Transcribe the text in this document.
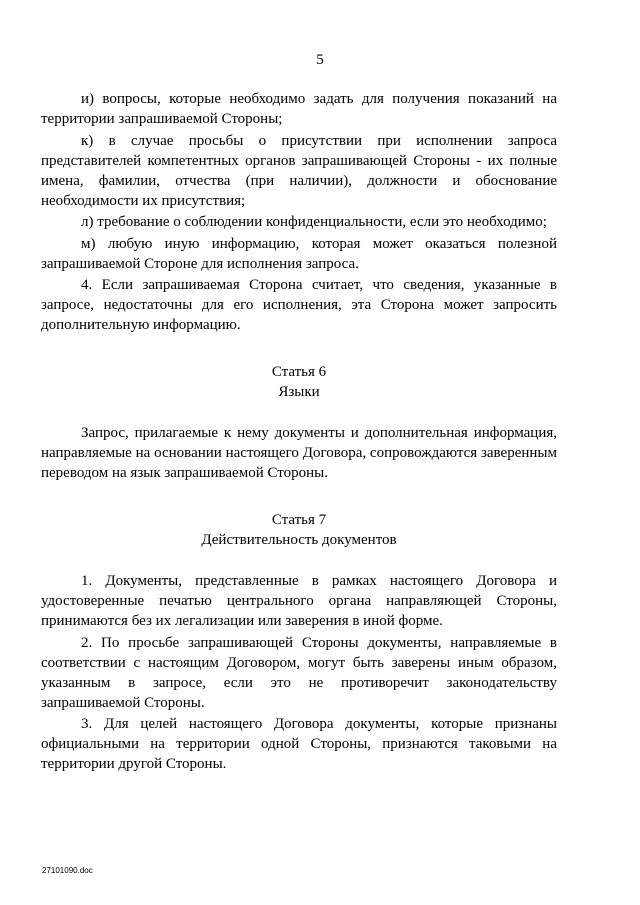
5

и) вопросы, которые необходимо задать для получения показаний на территории запрашиваемой Стороны;

к) в случае просьбы о присутствии при исполнении запроса представителей компетентных органов запрашивающей Стороны - их полные имена, фамилии, отчества (при наличии), должности и обоснование необходимости их присутствия;

л) требование о соблюдении конфиденциальности, если это необходимо;

м) любую иную информацию, которая может оказаться полезной запрашиваемой Стороне для исполнения запроса.

4. Если запрашиваемая Сторона считает, что сведения, указанные в запросе, недостаточны для его исполнения, эта Сторона может запросить дополнительную информацию.

Статья 6

Языки

Запрос, прилагаемые к нему документы и дополнительная информация, направляемые на основании настоящего Договора, сопровождаются заверенным переводом на язык запрашиваемой Стороны.

Статья 7

Действительность документов

1. Документы, представленные в рамках настоящего Договора и удостоверенные печатью центрального органа направляющей Стороны, принимаются без их легализации или заверения в иной форме.

2. По просьбе запрашивающей Стороны документы, направляемые в соответствии с настоящим Договором, могут быть заверены иным образом, указанным в запросе, если это не противоречит законодательству запрашиваемой Стороны.

3. Для целей настоящего Договора документы, которые признаны официальными на территории одной Стороны, признаются таковыми на территории другой Стороны.

27101090.doc
